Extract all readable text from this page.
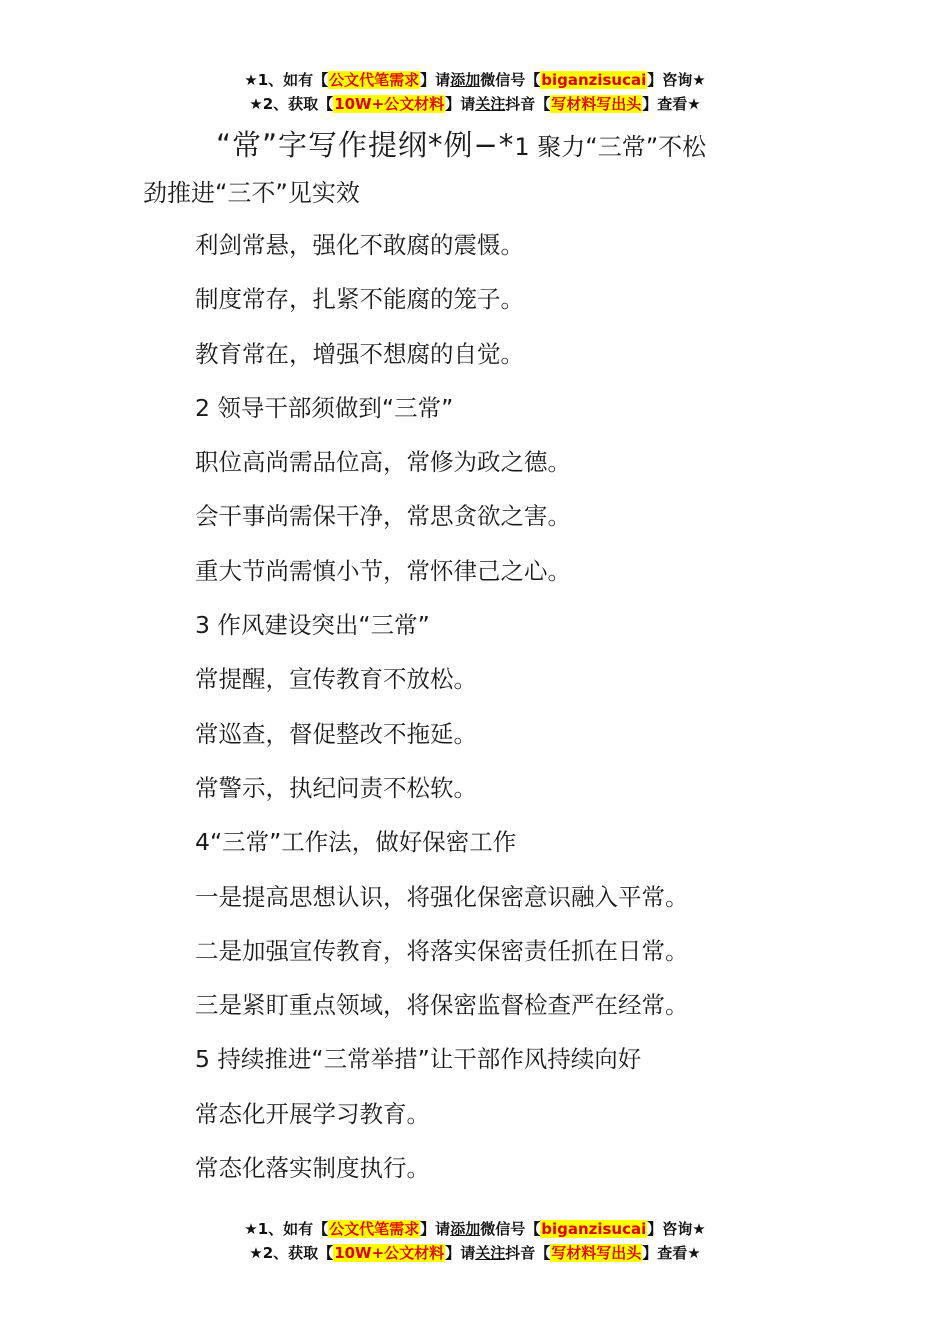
★1、如有【公文代笔需求】请添加微信号【biganzisucai】咨询★
★2、获取【10W+公文材料】请关注抖音【写材料写出头】查看★
“常”字写作提纲*例−*1 聚力“三常”不松
劲推进“三不”见实效

利剑常悬，强化不敢腐的震慑。

制度常存，扎紧不能腐的笼子。

教育常在，增强不想腐的自觉。

2 领导干部须做到“三常”

职位高尚需品位高，常修为政之德。

会干事尚需保干净，常思贪欲之害。

重大节尚需慎小节，常怀律己之心。

3 作风建设突出“三常”

常提醒，宣传教育不放松。

常巡查，督促整改不拖延。

常警示，执纪问责不松软。

4“三常”工作法，做好保密工作

一是提高思想认识，将强化保密意识融入平常。

二是加强宣传教育，将落实保密责任抓在日常。

三是紧盯重点领域，将保密监督检查严在经常。

5 持续推进“三常举措”让干部作风持续向好

常态化开展学习教育。

常态化落实制度执行。

★1、如有【公文代笔需求】请添加微信号【biganzisucai】咨询★
★2、获取【10W+公文材料】请关注抖音【写材料写出头】查看★
